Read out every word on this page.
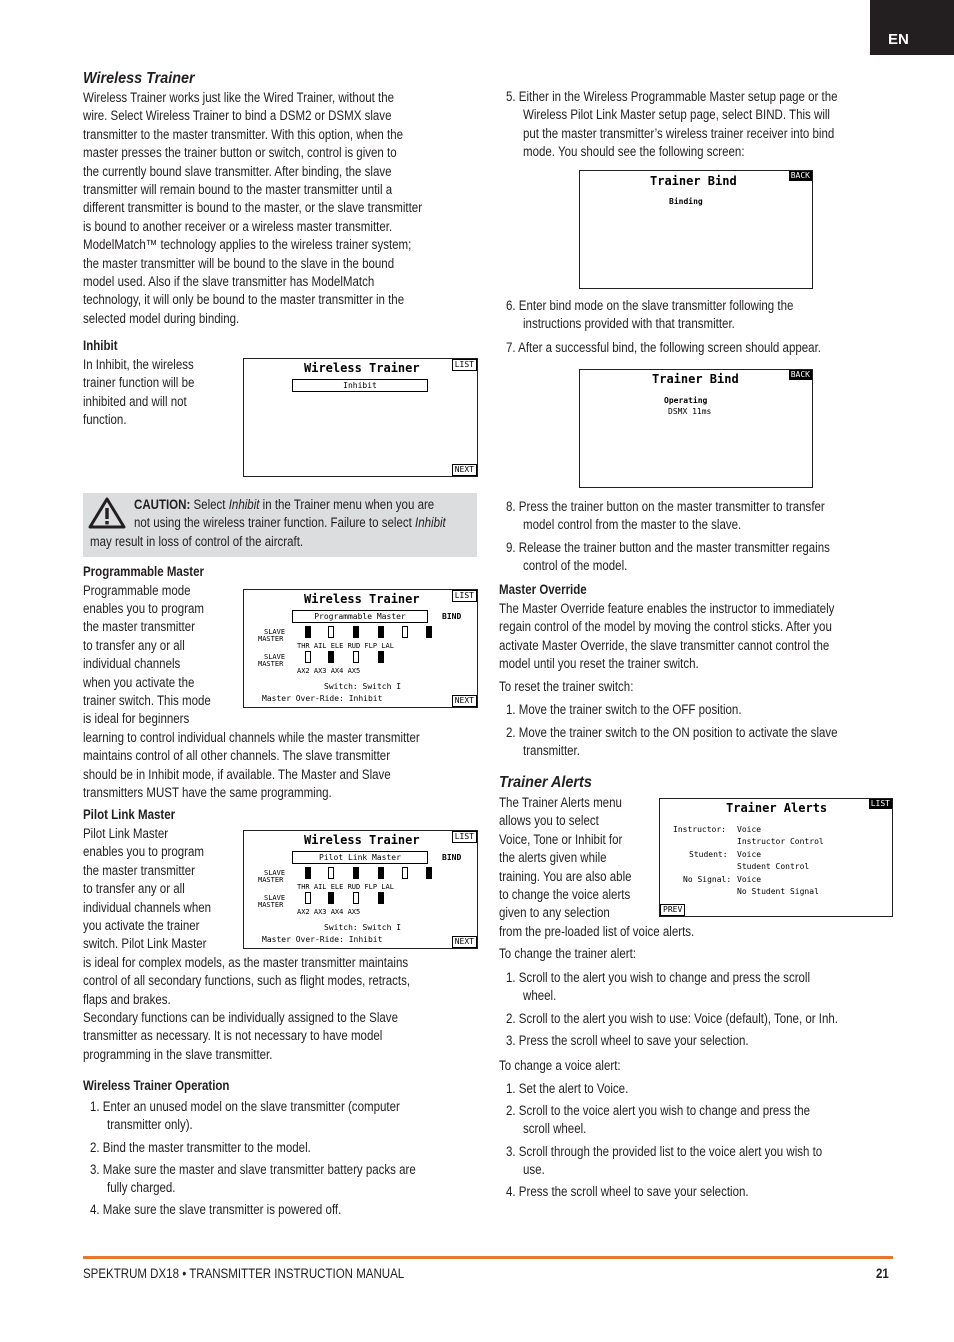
EN
Wireless Trainer
Wireless Trainer works just like the Wired Trainer, without the
wire. Select Wireless Trainer to bind a DSM2 or DSMX slave
transmitter to the master transmitter. With this option, when the
master presses the trainer button or switch, control is given to
the currently bound slave transmitter. After binding, the slave
transmitter will remain bound to the master transmitter until a
different transmitter is bound to the master, or the slave transmitter
is bound to another receiver or a wireless master transmitter.
ModelMatch™ technology applies to the wireless trainer system;
the master transmitter will be bound to the slave in the bound
model used. Also if the slave transmitter has ModelMatch
technology, it will only be bound to the master transmitter in the
selected model during binding.
Inhibit
In Inhibit, the wireless
trainer function will be
inhibited and will not
function.
Wireless Trainer	LIST
Inhibit
NEXT
CAUTION: Select Inhibit in the Trainer menu when you are
not using the wireless trainer function. Failure to select Inhibit
may result in loss of control of the aircraft.
Programmable Master
Programmable mode
enables you to program
the master transmitter
to transfer any or all
individual channels
when you activate the
trainer switch. This mode
is ideal for beginners
learning to control individual channels while the master transmitter
maintains control of all other channels. The slave transmitter
should be in Inhibit mode, if available. The Master and Slave
transmitters MUST have the same programming.
Wireless Trainer	LIST
Programmable Master	BIND
SLAVE
MASTER
THR AIL ELE RUD FLP LAL
SLAVE
MASTER
AX2 AX3 AX4 AX5
Switch: Switch I
Master Over-Ride: Inhibit	NEXT
Pilot Link Master
Pilot Link Master
enables you to program
the master transmitter
to transfer any or all
individual channels when
you activate the trainer
switch. Pilot Link Master
is ideal for complex models, as the master transmitter maintains
control of all secondary functions, such as flight modes, retracts,
flaps and brakes.
Secondary functions can be individually assigned to the Slave
transmitter as necessary. It is not necessary to have model
programming in the slave transmitter.
Wireless Trainer	LIST
Pilot Link Master	BIND
SLAVE
MASTER
THR AIL ELE RUD FLP LAL
SLAVE
MASTER
AX2 AX3 AX4 AX5
Switch: Switch I
Master Over-Ride: Inhibit	NEXT
Wireless Trainer Operation
1. Enter an unused model on the slave transmitter (computer
transmitter only).
2. Bind the master transmitter to the model.
3. Make sure the master and slave transmitter battery packs are
fully charged.
4. Make sure the slave transmitter is powered off.
5. Either in the Wireless Programmable Master setup page or the
Wireless Pilot Link Master setup page, select BIND. This will
put the master transmitter’s wireless trainer receiver into bind
mode. You should see the following screen:
Trainer Bind	BACK
Binding
6. Enter bind mode on the slave transmitter following the
instructions provided with that transmitter.
7. After a successful bind, the following screen should appear.
Trainer Bind	BACK
Operating
DSMX 11ms
8. Press the trainer button on the master transmitter to transfer
model control from the master to the slave.
9. Release the trainer button and the master transmitter regains
control of the model.
Master Override
The Master Override feature enables the instructor to immediately
regain control of the model by moving the control sticks. After you
activate Master Override, the slave transmitter cannot control the
model until you reset the trainer switch.
To reset the trainer switch:
1. Move the trainer switch to the OFF position.
2. Move the trainer switch to the ON position to activate the slave
transmitter.
Trainer Alerts
The Trainer Alerts menu
allows you to select
Voice, Tone or Inhibit for
the alerts given while
training. You are also able
to change the voice alerts
given to any selection
from the pre-loaded list of voice alerts.
Trainer Alerts	LIST
Instructor: Voice
Instructor Control
Student: Voice
Student Control
No Signal: Voice
No Student Signal
PREV
To change the trainer alert:
1. Scroll to the alert you wish to change and press the scroll
wheel.
2. Scroll to the alert you wish to use: Voice (default), Tone, or Inh.
3. Press the scroll wheel to save your selection.
To change a voice alert:
1. Set the alert to Voice.
2. Scroll to the voice alert you wish to change and press the
scroll wheel.
3. Scroll through the provided list to the voice alert you wish to
use.
4. Press the scroll wheel to save your selection.
SPEKTRUM DX18 • TRANSMITTER INSTRUCTION MANUAL	21
